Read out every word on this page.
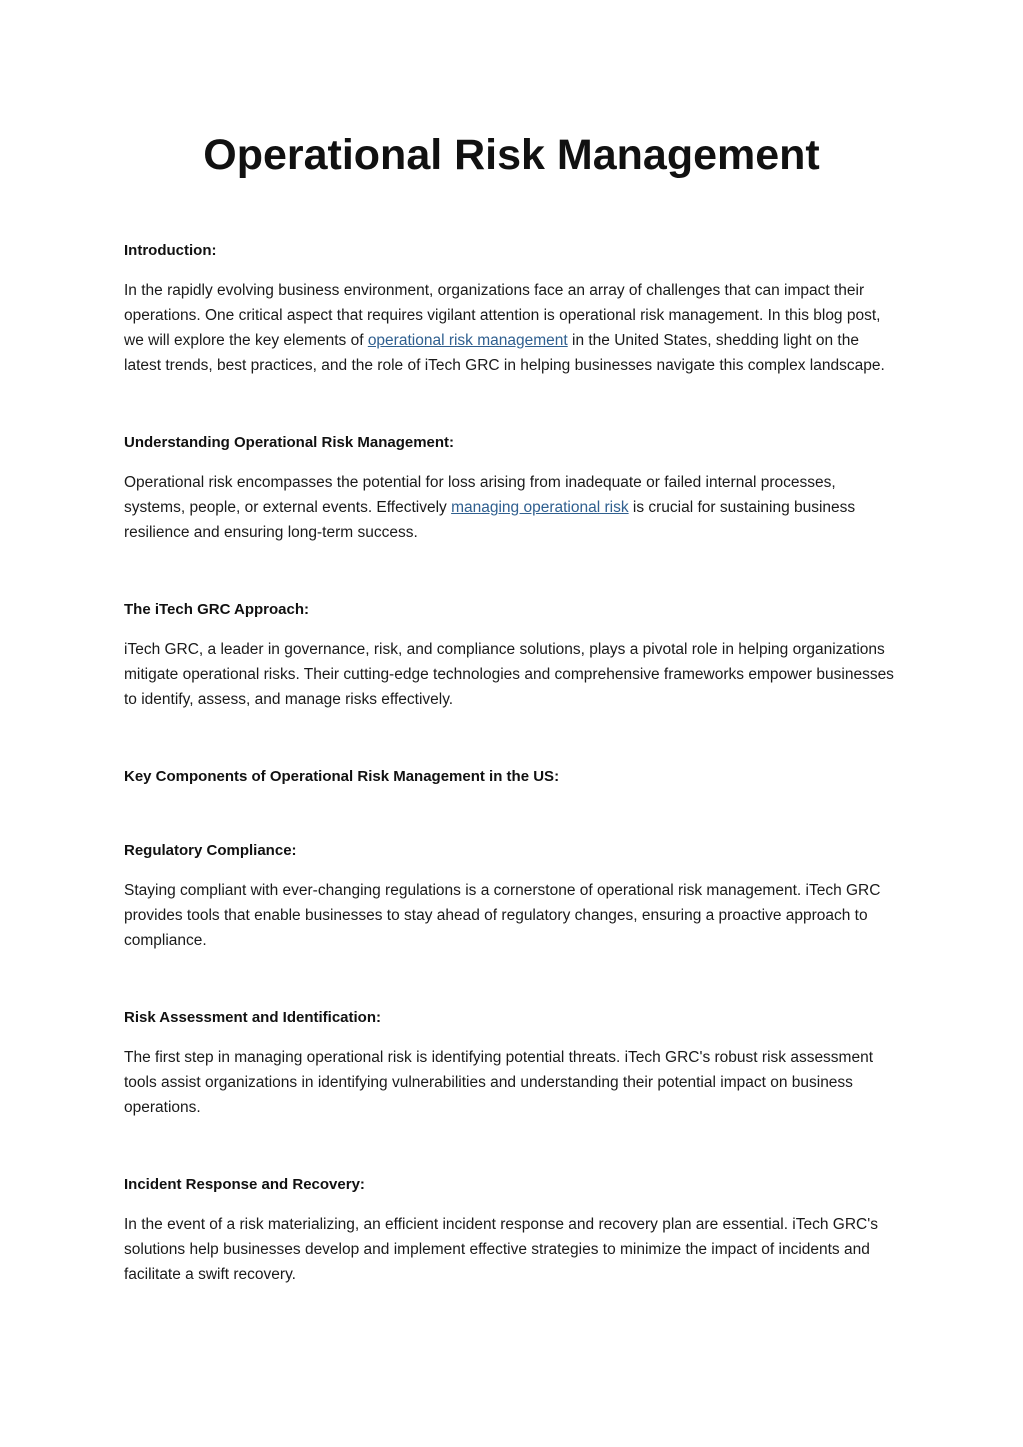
Operational Risk Management
Introduction:

In the rapidly evolving business environment, organizations face an array of challenges that can impact their operations. One critical aspect that requires vigilant attention is operational risk management. In this blog post, we will explore the key elements of operational risk management in the United States, shedding light on the latest trends, best practices, and the role of iTech GRC in helping businesses navigate this complex landscape.

Understanding Operational Risk Management:

Operational risk encompasses the potential for loss arising from inadequate or failed internal processes, systems, people, or external events. Effectively managing operational risk is crucial for sustaining business resilience and ensuring long-term success.

The iTech GRC Approach:

iTech GRC, a leader in governance, risk, and compliance solutions, plays a pivotal role in helping organizations mitigate operational risks. Their cutting-edge technologies and comprehensive frameworks empower businesses to identify, assess, and manage risks effectively.

Key Components of Operational Risk Management in the US:
Regulatory Compliance:

Staying compliant with ever-changing regulations is a cornerstone of operational risk management. iTech GRC provides tools that enable businesses to stay ahead of regulatory changes, ensuring a proactive approach to compliance.

Risk Assessment and Identification:

The first step in managing operational risk is identifying potential threats. iTech GRC's robust risk assessment tools assist organizations in identifying vulnerabilities and understanding their potential impact on business operations.

Incident Response and Recovery:

In the event of a risk materializing, an efficient incident response and recovery plan are essential. iTech GRC's solutions help businesses develop and implement effective strategies to minimize the impact of incidents and facilitate a swift recovery.
